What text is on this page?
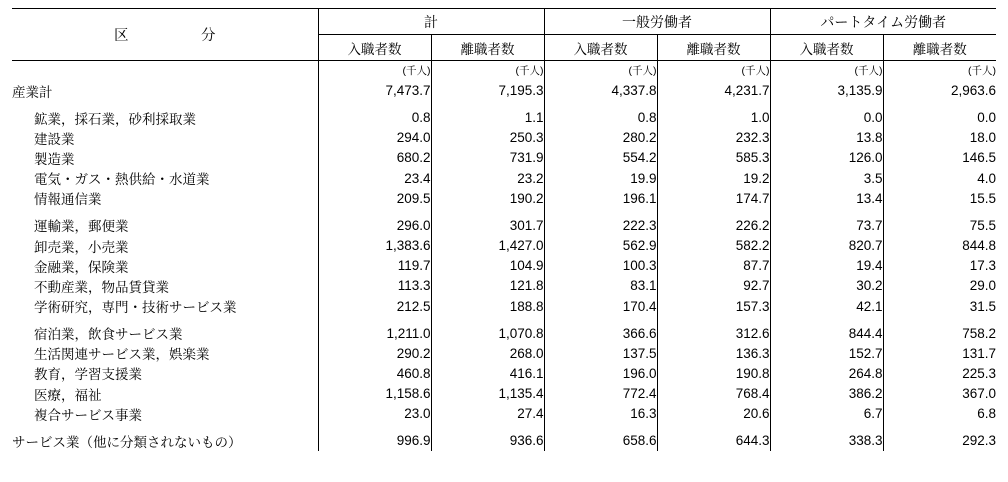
区　　　分	計		一般労働者		パートタイム労働者	
	入職者数	離職者数	入職者数	離職者数	入職者数	離職者数
	(千人)	(千人)	(千人)	(千人)	(千人)	(千人)
産業計	7,473.7	7,195.3	4,337.8	4,231.7	3,135.9	2,963.6
鉱業，採石業，砂利採取業	0.8	1.1	0.8	1.0	0.0	0.0
建設業	294.0	250.3	280.2	232.3	13.8	18.0
製造業	680.2	731.9	554.2	585.3	126.0	146.5
電気・ガス・熱供給・水道業	23.4	23.2	19.9	19.2	3.5	4.0
情報通信業	209.5	190.2	196.1	174.7	13.4	15.5
運輸業，郵便業	296.0	301.7	222.3	226.2	73.7	75.5
卸売業，小売業	1,383.6	1,427.0	562.9	582.2	820.7	844.8
金融業，保険業	119.7	104.9	100.3	87.7	19.4	17.3
不動産業，物品賃貸業	113.3	121.8	83.1	92.7	30.2	29.0
学術研究，専門・技術サービス業	212.5	188.8	170.4	157.3	42.1	31.5
宿泊業，飲食サービス業	1,211.0	1,070.8	366.6	312.6	844.4	758.2
生活関連サービス業，娯楽業	290.2	268.0	137.5	136.3	152.7	131.7
教育，学習支援業	460.8	416.1	196.0	190.8	264.8	225.3
医療，福祉	1,158.6	1,135.4	772.4	768.4	386.2	367.0
複合サービス事業	23.0	27.4	16.3	20.6	6.7	6.8
サービス業（他に分類されないもの）	996.9	936.6	658.6	644.3	338.3	292.3
